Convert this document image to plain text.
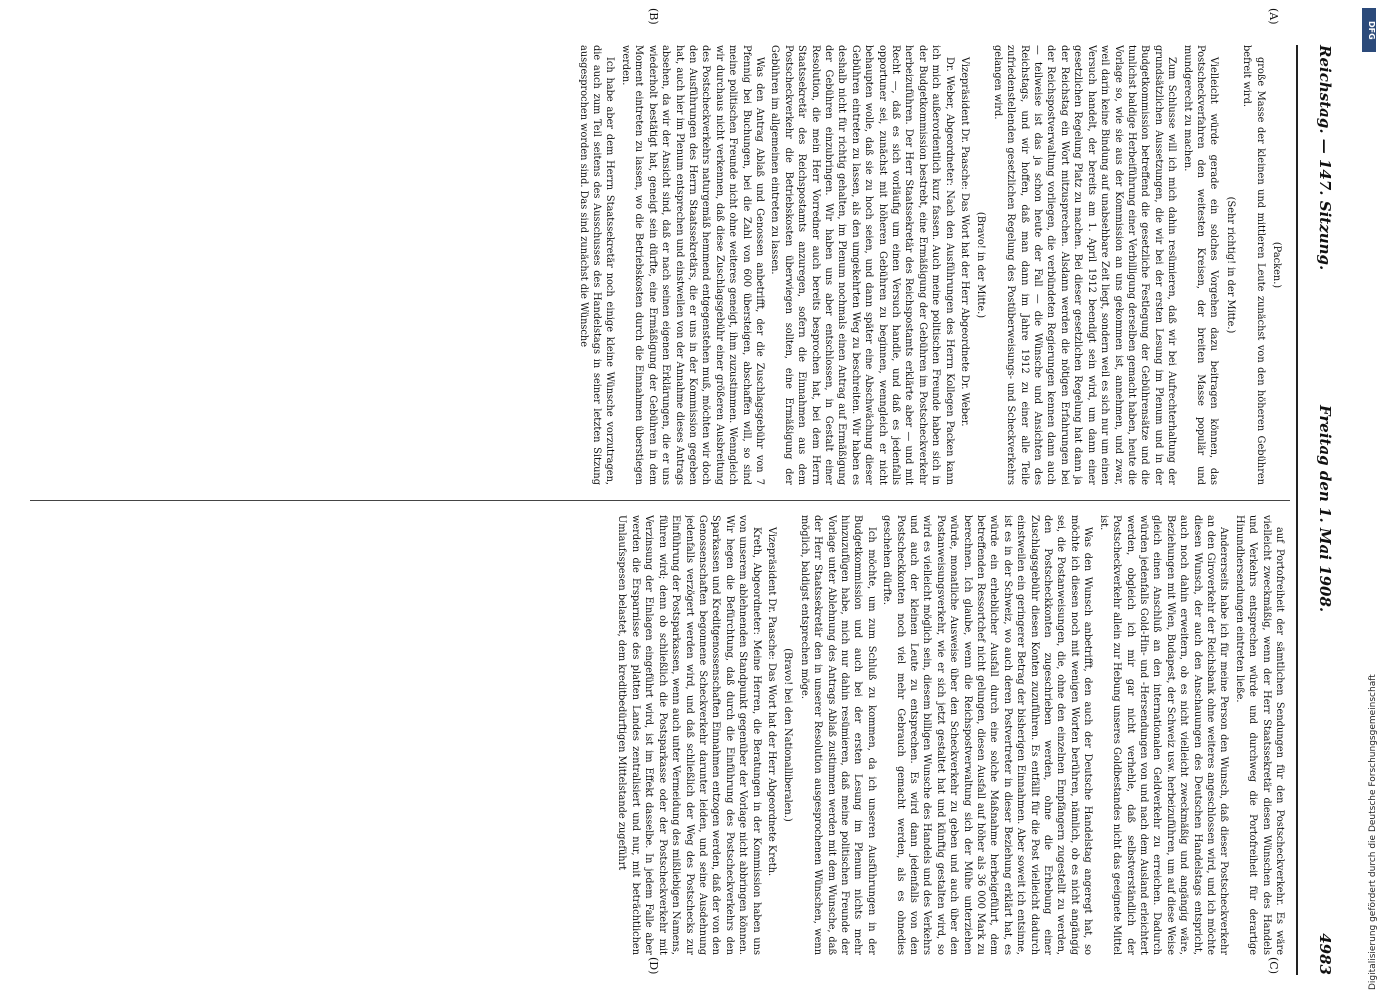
Reichstag. — 147. Sitzung.
Freitag den 1. Mai 1908.
4983
(A)
(B)
(C)
(D)

(Packen.)

große Masse der kleinen und mittleren Leute zunächst von den höheren Gebühren befreit wird.

(Sehr richtig! in der Mitte.)

Vielleicht würde gerade ein solches Vorgehen dazu beitragen können, das Postscheckverfahren den weitesten Kreisen, der breiten Masse populär und mundgerecht zu machen.

Zum Schlusse will ich mich dahin resümieren, daß wir bei Aufrechterhaltung der grundsätzlichen Aussetzungen, die wir bei der ersten Lesung im Plenum und in der Budgetkommission betreffend die gesetzliche Festlegung der Gebührensätze und die tunlichst baldige Herbeiführung einer Verbilligung derselben gemacht haben, heute die Vorlage so, wie sie aus der Kommission an uns gekommen ist, annehmen, und zwar, weil darin keine Bindung auf unabsehbare Zeit liegt, sondern weil es sich nur um einen Versuch handelt, der bereits am 1. April 1912 beendigt sein wird, um dann einer gesetzlichen Regelung Platz zu machen. Bei dieser gesetzlichen Regelung hat dann ja der Reichstag ein Wort mitzusprechen. Alsdann werden die nötigen Erfahrungen bei der Reichspostverwaltung vorliegen, die verbündeten Regierungen kennen dann auch — teilweise ist das ja schon heute der Fall — die Wünsche und Ansichten des Reichstags, und wir hoffen, daß man dann im Jahre 1912 zu einer alle Teile zufriedenstellenden gesetzlichen Regelung des Postüberweisungs- und Scheckverkehrs gelangen wird.

(Bravo! in der Mitte.)

Vizepräsident Dr. Paasche: Das Wort hat der Herr Abgeordnete Dr. Weber.

Dr. Weber, Abgeordneter: Nach den Ausführungen des Herrn Kollegen Packen kann ich mich außerordentlich kurz fassen. Auch meine politischen Freunde haben sich in der Budgetkommission bestrebt, eine Ermäßigung der Gebühren im Postscheckverkehr herbeizuführen. Der Herr Staatssekretär des Reichspostamts erklärte aber — und mit Recht —, daß es sich vorläufig um einen Versuch handle, und daß es jedenfalls opportuner sei, zunächst mit höheren Gebühren zu beginnen, wenngleich er nicht behaupten wolle, daß sie zu hoch seien, und dann später eine Abschwächung dieser Gebühren eintreten zu lassen, als den umgekehrten Weg zu beschreiten. Wir haben es deshalb nicht für richtig gehalten, im Plenum nochmals einen Antrag auf Ermäßigung der Gebühren einzubringen. Wir haben uns aber entschlossen, in Gestalt einer Resolution, die mein Herr Vorredner auch bereits besprochen hat, bei dem Herrn Staatssekretär des Reichspostamts anzuregen, sofern die Einnahmen aus dem Postscheckverkehr die Betriebskosten überwiegen sollten, eine Ermäßigung der Gebühren im allgemeinen eintreten zu lassen.

Was den Antrag Ablaß und Genossen anbetrifft, der die Zuschlagsgebühr von 7 Pfennig bei Buchungen, bei die Zahl von 600 übersteigen, abschaffen will, so sind meine politischen Freunde nicht ohne weiteres geneigt, ihm zuzustimmen. Wenngleich wir durchaus nicht verkennen, daß diese Zuschlagsgebühr einer größeren Ausbreitung des Postscheckverkehrs naturgemäß hemmend entgegenstehen muß, möchten wir doch den Ausführungen des Herrn Staatssekretärs, die er uns in der Kommission gegeben hat, auch hier im Plenum entsprechen und einstweilen von der Annahme dieses Antrags absehen, da wir der Ansicht sind, daß er nach seinen eigenen Erklärungen, die er uns wiederholt bestätigt hat, geneigt sein dürfte, eine Ermäßigung der Gebühren in dem Moment eintreten zu lassen, wo die Betriebskosten durch die Einnahmen überstiegen werden.

Ich habe aber dem Herrn Staatssekretär noch einige kleine Wünsche vorzutragen, die auch zum Teil seitens des Ausschusses des Handelstags in seiner letzten Sitzung ausgesprochen worden sind. Das sind zunächst die Wünsche

auf Portofreiheit der sämtlichen Sendungen für den Postscheckverkehr. Es wäre vielleicht zweckmäßig, wenn der Herr Staatssekretär diesen Wünschen des Handels und Verkehrs entsprechen würde und durchweg die Portofreiheit für derartige Hinundhersendungen eintreten ließe.

Andererseits habe ich für meine Person den Wunsch, daß dieser Postscheckverkehr an den Giroverkehr der Reichsbank ohne weiteres angeschlossen wird, und ich möchte diesen Wunsch, der auch den Anschauungen des Deutschen Handelstags entspricht, auch noch dahin erweitern, ob es nicht vielleicht zweckmäßig und angängig wäre, Beziehungen mit Wien, Budapest, der Schweiz usw. herbeizuführen, um auf diese Weise gleich einen Anschluß an den internationalen Geldverkehr zu erreichen. Dadurch würden jedenfalls Gold-Hin- und -Hersendungen von und nach dem Ausland erleichtert werden, obgleich ich mir gar nicht verhehle, daß selbstverständlich der Postscheckverkehr allein zur Hebung unseres Goldbestandes nicht das geeignete Mittel ist.

Was den Wunsch anbetrifft, den auch der Deutsche Handelstag angeregt hat, so möchte ich diesen noch mit wenigen Worten berühren, nämlich, ob es nicht angängig sei, die Postanweisungen, die, ohne den einzelnen Empfängern zugestellt zu werden, den Postscheckkonten zugeschrieben werden, ohne die Erhebung einer Zuschlagsgebühr diesen Konten zuzuführen. Es entfällt für die Post vielleicht dadurch einstweilen ein geringerer Betrag der bisherigen Einnahmen. Aber soweit ich entsinne, ist es in der Schweiz, wo auch deren Postvertreter in dieser Beziehung erklärt hat, es würde ein erheblicher Ausfall durch eine solche Maßnahme herbeigeführt, dem betreffenden Ressortchef nicht gelungen, diesen Ausfall auf höher als 36 000 Mark zu berechnen. Ich glaube, wenn die Reichspostverwaltung sich der Mühe unterziehen würde, monatliche Ausweise über den Scheckverkehr zu geben und auch über den Postanweisungsverkehr, wie er sich jetzt gestaltet hat und künftig gestalten wird, so wird es vielleicht möglich sein, diesem billigen Wunsche des Handels und des Verkehrs und auch der kleinen Leute zu entsprechen. Es wird dann jedenfalls von den Postscheckkonten noch viel mehr Gebrauch gemacht werden, als es ohnedies geschehen dürfte.

Ich möchte, um zum Schluß zu kommen, da ich unseren Ausführungen in der Budgetkommission und auch bei der ersten Lesung im Plenum nichts mehr hinzuzufügen habe, mich nur dahin resümieren, daß meine politischen Freunde der Vorlage unter Ablehnung des Antrags Ablaß zustimmen werden mit dem Wunsche, daß der Herr Staatssekretär den in unserer Resolution ausgesprochenen Wünschen, wenn möglich, baldigst entsprechen möge.

(Bravo! bei den Nationalliberalen.)

Vizepräsident Dr. Paasche: Das Wort hat der Herr Abgeordnete Kreth.

Kreth, Abgeordneter: Meine Herren, die Beratungen in der Kommission haben uns von unserem ablehnenden Standpunkt gegenüber der Vorlage nicht abbringen können. Wir hegen die Befürchtung, daß durch die Einführung des Postscheckverkehrs den Sparkassen und Kreditgenossenschaften Einnahmen entzogen werden, daß der von den Genossenschaften begonnene Scheckverkehr darunter leiden, und seine Ausdehnung jedenfalls verzögert werden wird, und daß schließlich der Weg des Postschecks zur Einführung der Postsparkassen, wenn auch unter Vermeidung des mißliebigen Namens, führen wird; denn ob schließlich die Postsparkasse oder der Postscheckverkehr mit Verzinsung der Einlagen eingeführt wird, ist im Effekt dasselbe. In jedem Falle aber werden die Ersparnisse des platten Landes zentralisiert und nur, mit beträchtlichen Umlaufsspesen belastet, dem kreditbedürftigen Mittelstande zugeführt

DFG
Digitalisierung gefördert durch die Deutsche Forschungsgemeinschaft
